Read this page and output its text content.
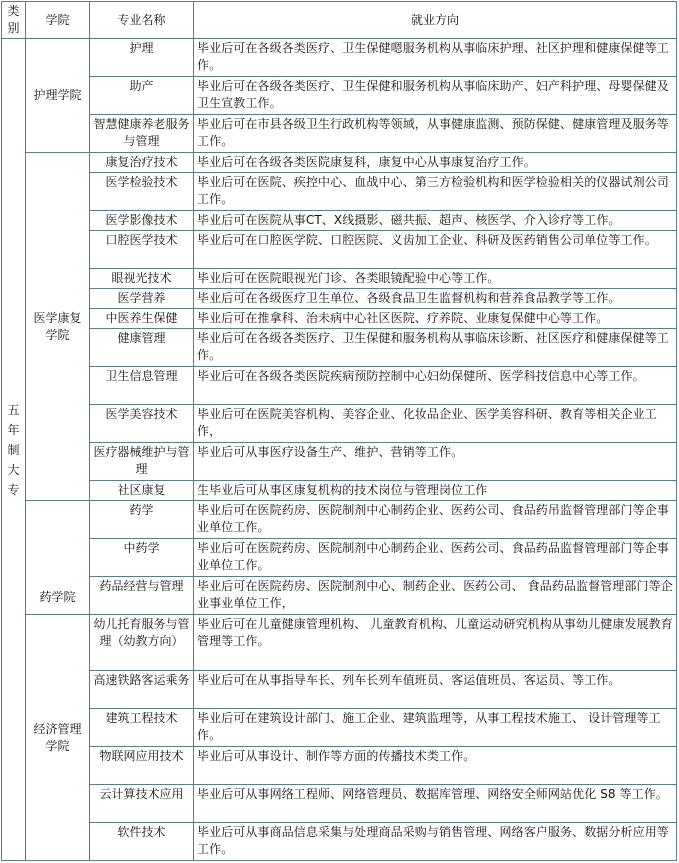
类别	学院	专业名称	就业方向
五年制大专	护理学院	护理	毕业后可在各级各类医疗、卫生保健嗯服务机构从事临床护理、社区护理和健康保健等工作。
		助产	毕业后可在各级各类医疗、卫生保健和服务机构从事临床助产、妇产科护理、母婴保健及卫生宣教工作。
		智慧健康养老服务与管理	毕业后可在市县各级卫生行政机构等领域，从事健康监测、预防保健、健康管理及服务等工作。
	医学康复学院	康复治疗技术	毕业后可在各级各类医院康复科，康复中心从事康复治疗工作。
		医学检验技术	毕业后可在医院、疾控中心、血战中心、第三方检验机构和医学检验相关的仪器试剂公司工作。
		医学影像技术	毕业后可在医院从事CT、X线摄影、磁共振、超声、核医学、介入诊疗等工作。
		口腔医学技术	毕业后可在口腔医学院、口腔医院、义齿加工企业、科研及医药销售公司单位等工作。
		眼视光技术	毕业后可在医院眼视光门诊、各类眼镜配验中心等工作。
		医学营养	毕业后可在各级医疗卫生单位、各级食品卫生监督机构和营养食品教学等工作。
		中医养生保健	毕业后可在推拿科、治未病中心社区医院、疗养院、业康复保健中心等工作。
		健康管理	毕业后可在各级各类医疗、卫生保健和服务机构从事临床诊断、社区医疗和健康保健等工作。
		卫生信息管理	毕业后可在各级各类医院疾病预防控制中心妇幼保健所、医学科技信息中心等工作。
		医学美容技术	毕业后可在医院美容机构、美容企业、化妆品企业、医学美容科研、教育等相关企业工作，
		医疗器械维护与管理	毕业后可从事医疗设备生产、维护、营销等工作。
		社区康复	生毕业后可从事区康复机构的技术岗位与管理岗位工作
	药学院	药学	毕业后可在医院药房、医院制剂中心制药企业、医药公司、食品药吊监督管理部门等企事业单位工作。
		中药学	毕业后可在医院药房、医院制剂中心制药企业、医药公司、食品药品监督管理部门等企事业单位工作。
		药品经营与管理	毕业后可在医院药房、医院制剂中心、制药企业、医药公司、 食品药品监督管理部门等企业事业单位工作，
	经济管理学院	幼儿托育服务与管理（幼教方向）	毕业后可在儿童健康管理机构、 儿童教育机构、儿童运动研究机构从事幼儿健康发展教育管理等工作。
		高速铁路客运乘务	毕业后可在从事指导车长、列车长列车值班员、客运值班员、客运员、等工作。
		建筑工程技术	毕业后可在建筑设计部门、施工企业、建筑监理等，从事工程技术施工、 设计管理等工作。
		物联网应用技术	毕业后可从事设计、制作等方面的传播技术类工作。
		云计算技术应用	毕业后可从事网络工程师、网络管理员、数据库管理、网络安全师网站优化 S8 等工作。
		软件技术	毕业后可从事商品信息采集与处理商品采购与销售管理、网络客户服务、数据分析应用等工作。
